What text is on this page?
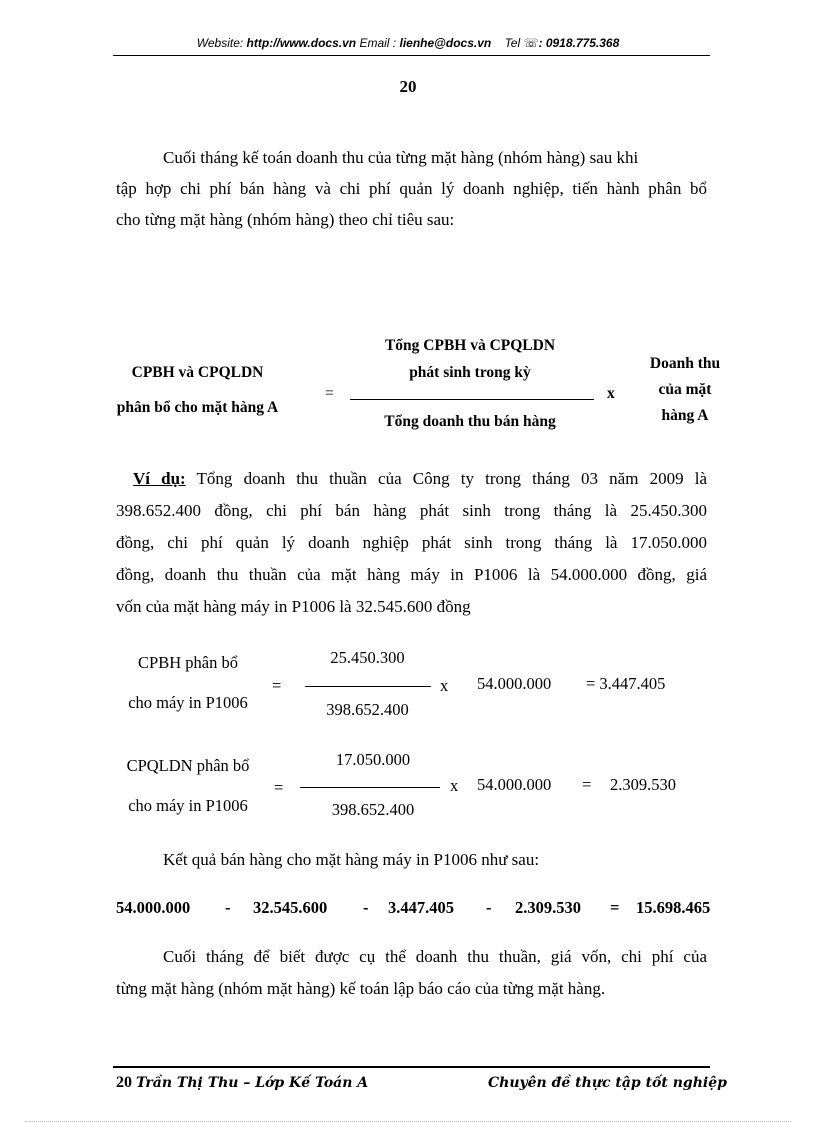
Website: http://www.docs.vn Email : lienhe@docs.vn Tel ☏: 0918.775.368
20
Cuối tháng kế toán doanh thu của từng mặt hàng (nhóm hàng) sau khi
tập hợp chi phí bán hàng và chi phí quản lý doanh nghiệp, tiến hành phân bổ
cho từng mặt hàng (nhóm hàng) theo chỉ tiêu sau:
CPBH và CPQLDN
phân bổ cho mặt hàng A
=
Tổng CPBH và CPQLDN
phát sinh trong kỳ
Tổng doanh thu bán hàng
x
Doanh thu
của mặt
hàng A
Ví dụ: Tổng doanh thu thuần của Công ty trong tháng 03 năm 2009 là
398.652.400 đồng, chi phí bán hàng phát sinh trong tháng là 25.450.300
đồng, chi phí quản lý doanh nghiệp phát sinh trong tháng là 17.050.000
đồng, doanh thu thuần của mặt hàng máy in P1006 là 54.000.000 đồng, giá
vốn của mặt hàng máy in P1006 là 32.545.600 đồng
CPBH phân bổ
cho máy in P1006
=
25.450.300
398.652.400
x 54.000.000 = 3.447.405
CPQLDN phân bổ
cho máy in P1006
=
17.050.000
398.652.400
x 54.000.000 = 2.309.530
Kết quả bán hàng cho mặt hàng máy in P1006 như sau:
54.000.000 - 32.545.600 - 3.447.405 - 2.309.530 = 15.698.465
Cuối tháng để biết được cụ thể doanh thu thuần, giá vốn, chi phí của
từng mặt hàng (nhóm mặt hàng) kế toán lập báo cáo của từng mặt hàng.
20 Trần Thị Thu – Lớp Kế Toán A	Chuyên đề thực tập tốt nghiệp
